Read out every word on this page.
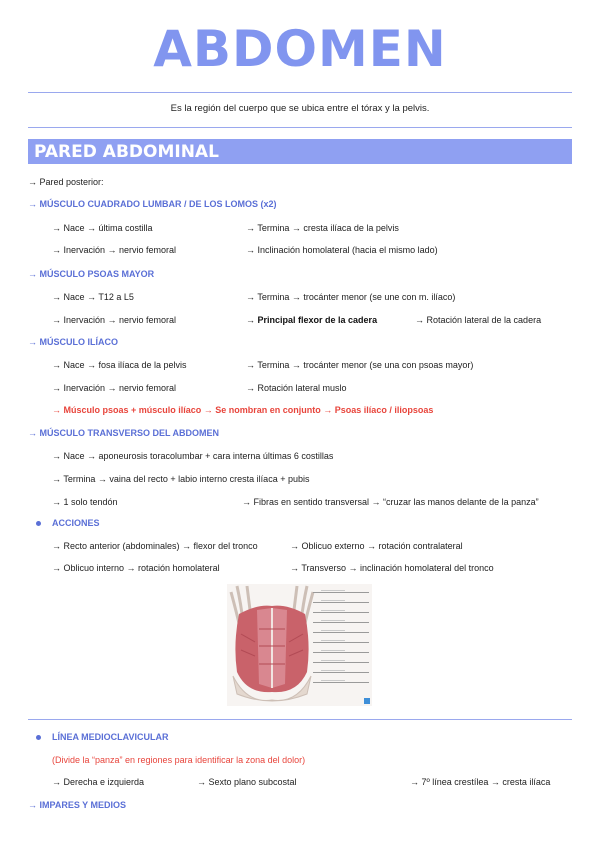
ABDOMEN
Es la región del cuerpo que se ubica entre el tórax y la pelvis.
PARED ABDOMINAL
→ Pared posterior:
→ MÚSCULO CUADRADO LUMBAR / DE LOS LOMOS (x2)
→ Nace → última costilla	→ Termina → cresta ilíaca de la pelvis
→ Inervación → nervio femoral	→ Inclinación homolateral (hacia el mismo lado)
→ MÚSCULO PSOAS MAYOR
→ Nace → T12 a L5	→ Termina → trocánter menor (se une con m. ilíaco)
→ Inervación → nervio femoral	→ Principal flexor de la cadera	→ Rotación lateral de la cadera
→ MÚSCULO ILÍACO
→ Nace → fosa ilíaca de la pelvis	→ Termina → trocánter menor (se una con psoas mayor)
→ Inervación → nervio femoral	→ Rotación lateral muslo
→ Músculo psoas + músculo ilíaco → Se nombran en conjunto → Psoas ilíaco / iliopsoas
→ MÚSCULO TRANSVERSO DEL ABDOMEN
→ Nace → aponeurosis toracolumbar + cara interna últimas 6 costillas
→ Termina → vaina del recto + labio interno cresta ilíaca + pubis
→ 1 solo tendón	→ Fibras en sentido transversal → “cruzar las manos delante de la panza”
ACCIONES
→ Recto anterior (abdominales) → flexor del tronco	→ Oblicuo externo → rotación contralateral
→ Oblicuo interno → rotación homolateral	→ Transverso → inclinación homolateral del tronco
LÍNEA MEDIOCLAVICULAR
(Divide la “panza” en regiones para identificar la zona del dolor)
→ Derecha e izquierda	→ Sexto plano subcostal	→ 7º línea crestílea → cresta ilíaca
→ IMPARES Y MEDIOS
